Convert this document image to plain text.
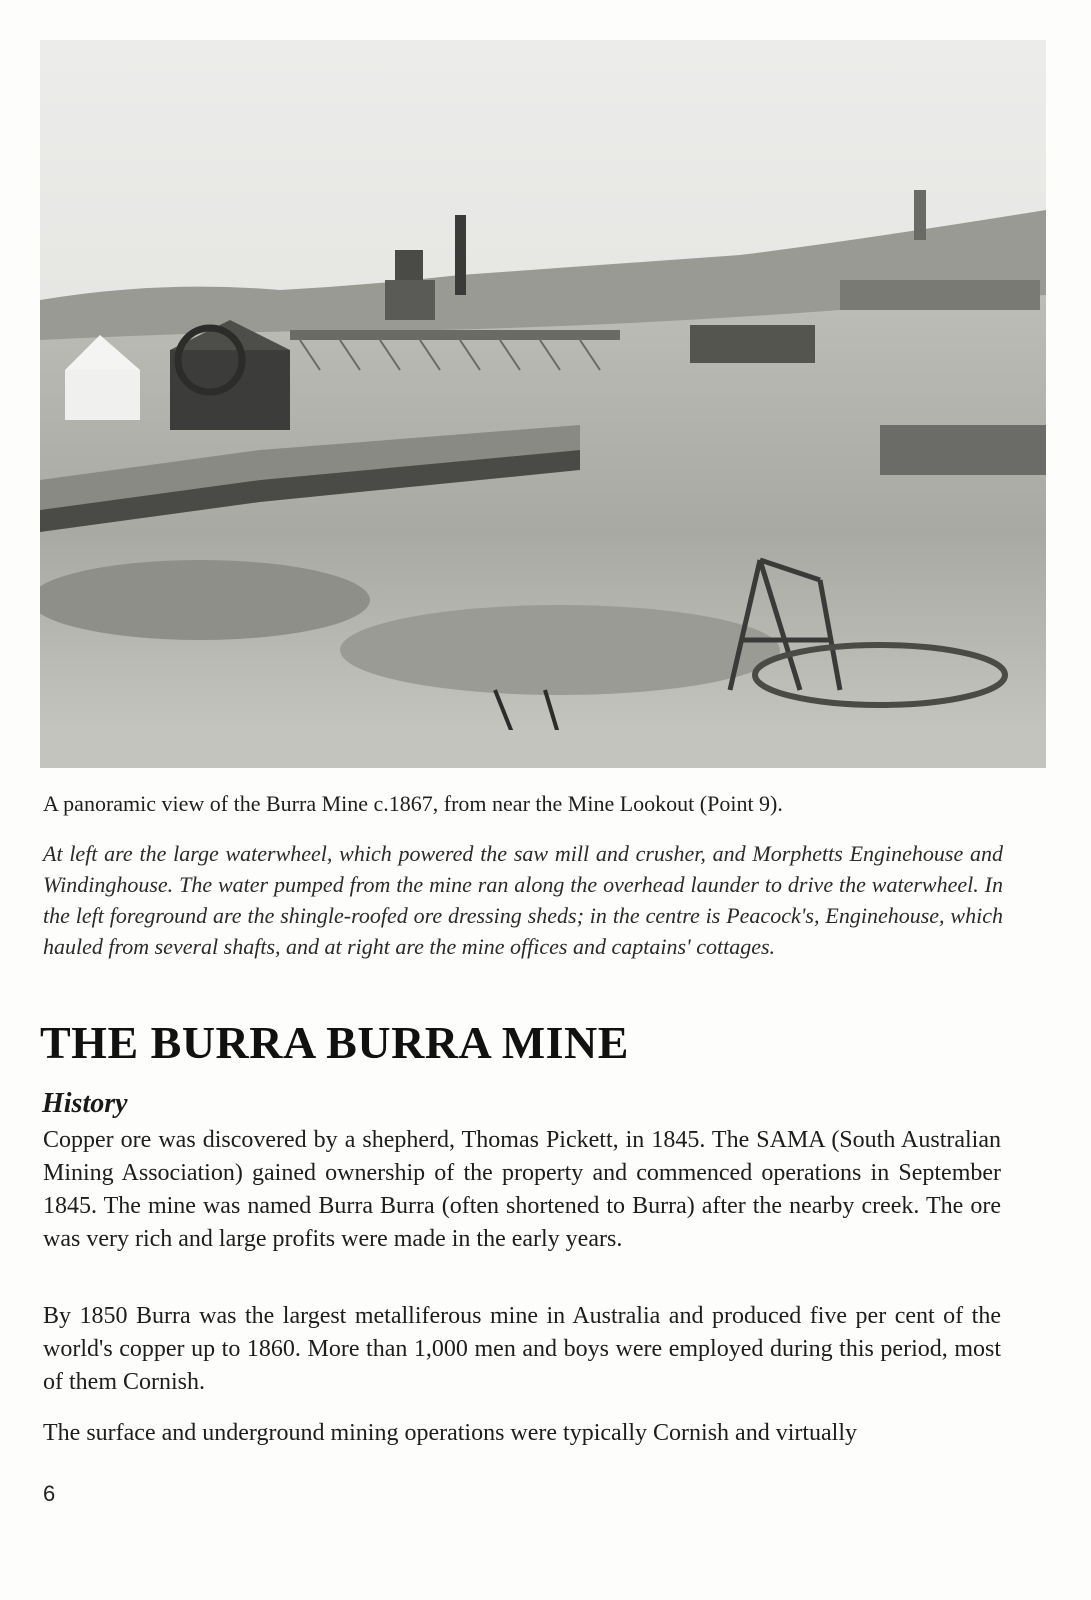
A panoramic view of the Burra Mine c.1867, from near the Mine Lookout (Point 9).
At left are the large waterwheel, which powered the saw mill and crusher, and Morphetts Enginehouse and Windinghouse. The water pumped from the mine ran along the overhead launder to drive the waterwheel. In the left foreground are the shingle-roofed ore dressing sheds; in the centre is Peacock's, Enginehouse, which hauled from several shafts, and at right are the mine offices and captains' cottages.
THE BURRA BURRA MINE
History

Copper ore was discovered by a shepherd, Thomas Pickett, in 1845. The SAMA (South Australian Mining Association) gained ownership of the property and commenced operations in September 1845. The mine was named Burra Burra (often shortened to Burra) after the nearby creek. The ore was very rich and large profits were made in the early years.

By 1850 Burra was the largest metalliferous mine in Australia and produced five per cent of the world's copper up to 1860. More than 1,000 men and boys were employed during this period, most of them Cornish.

The surface and underground mining operations were typically Cornish and virtually

6
